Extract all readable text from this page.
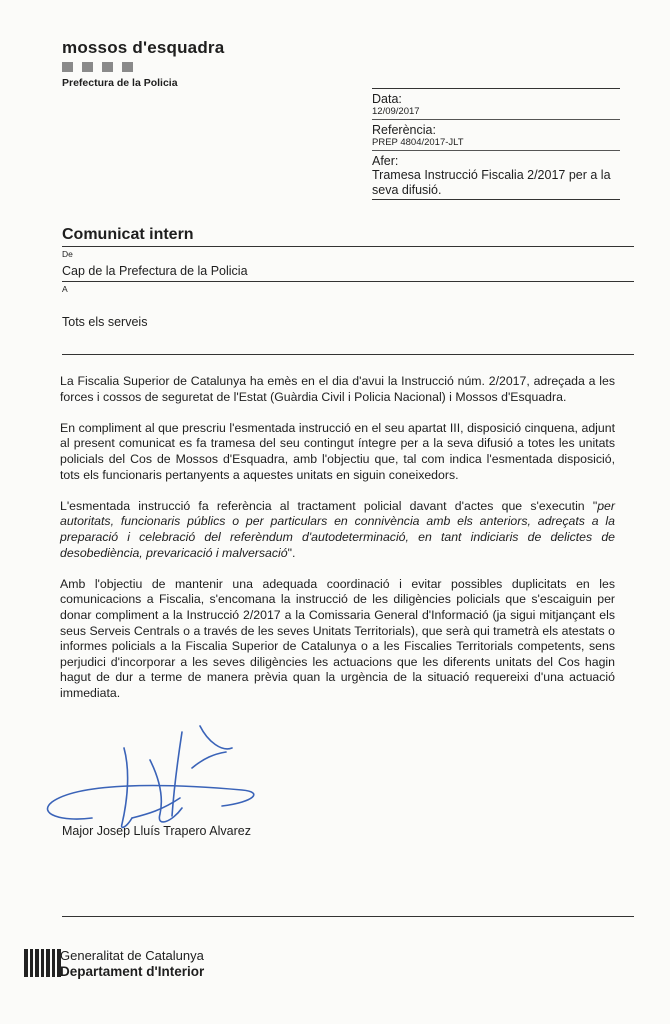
mossos d'esquadra
Prefectura de la Policia
Data:
12/09/2017
Referència:
PREP 4804/2017-JLT
Afer:
Tramesa Instrucció Fiscalia 2/2017 per a la seva difusió.
Comunicat intern
De
Cap de la Prefectura de la Policia
A
Tots els serveis

La Fiscalia Superior de Catalunya ha emès en el dia d'avui la Instrucció núm. 2/2017, adreçada a les forces i cossos de seguretat de l'Estat (Guàrdia Civil i Policia Nacional) i Mossos d'Esquadra.

En compliment al que prescriu l'esmentada instrucció en el seu apartat III, disposició cinquena, adjunt al present comunicat es fa tramesa del seu contingut íntegre per a la seva difusió a totes les unitats policials del Cos de Mossos d'Esquadra, amb l'objectiu que, tal com indica l'esmentada disposició, tots els funcionaris pertanyents a aquestes unitats en siguin coneixedors.

L'esmentada instrucció fa referència al tractament policial davant d'actes que s'executin "per autoritats, funcionaris públics o per particulars en connivència amb els anteriors, adreçats a la preparació i celebració del referèndum d'autodeterminació, en tant indiciaris de delictes de desobediència, prevaricació i malversació".

Amb l'objectiu de mantenir una adequada coordinació i evitar possibles duplicitats en les comunicacions a Fiscalia, s'encomana la instrucció de les diligències policials que s'escaiguin per donar compliment a la Instrucció 2/2017 a la Comissaria General d'Informació (ja sigui mitjançant els seus Serveis Centrals o a través de les seves Unitats Territorials), que serà qui trametrà els atestats o informes policials a la Fiscalia Superior de Catalunya o a les Fiscalies Territorials competents, sens perjudici d'incorporar a les seves diligències les actuacions que les diferents unitats del Cos hagin hagut de dur a terme de manera prèvia quan la urgència de la situació requereixi d'una actuació immediata.

Major Josep Lluís Trapero Alvarez
Generalitat de Catalunya
Departament d'Interior
